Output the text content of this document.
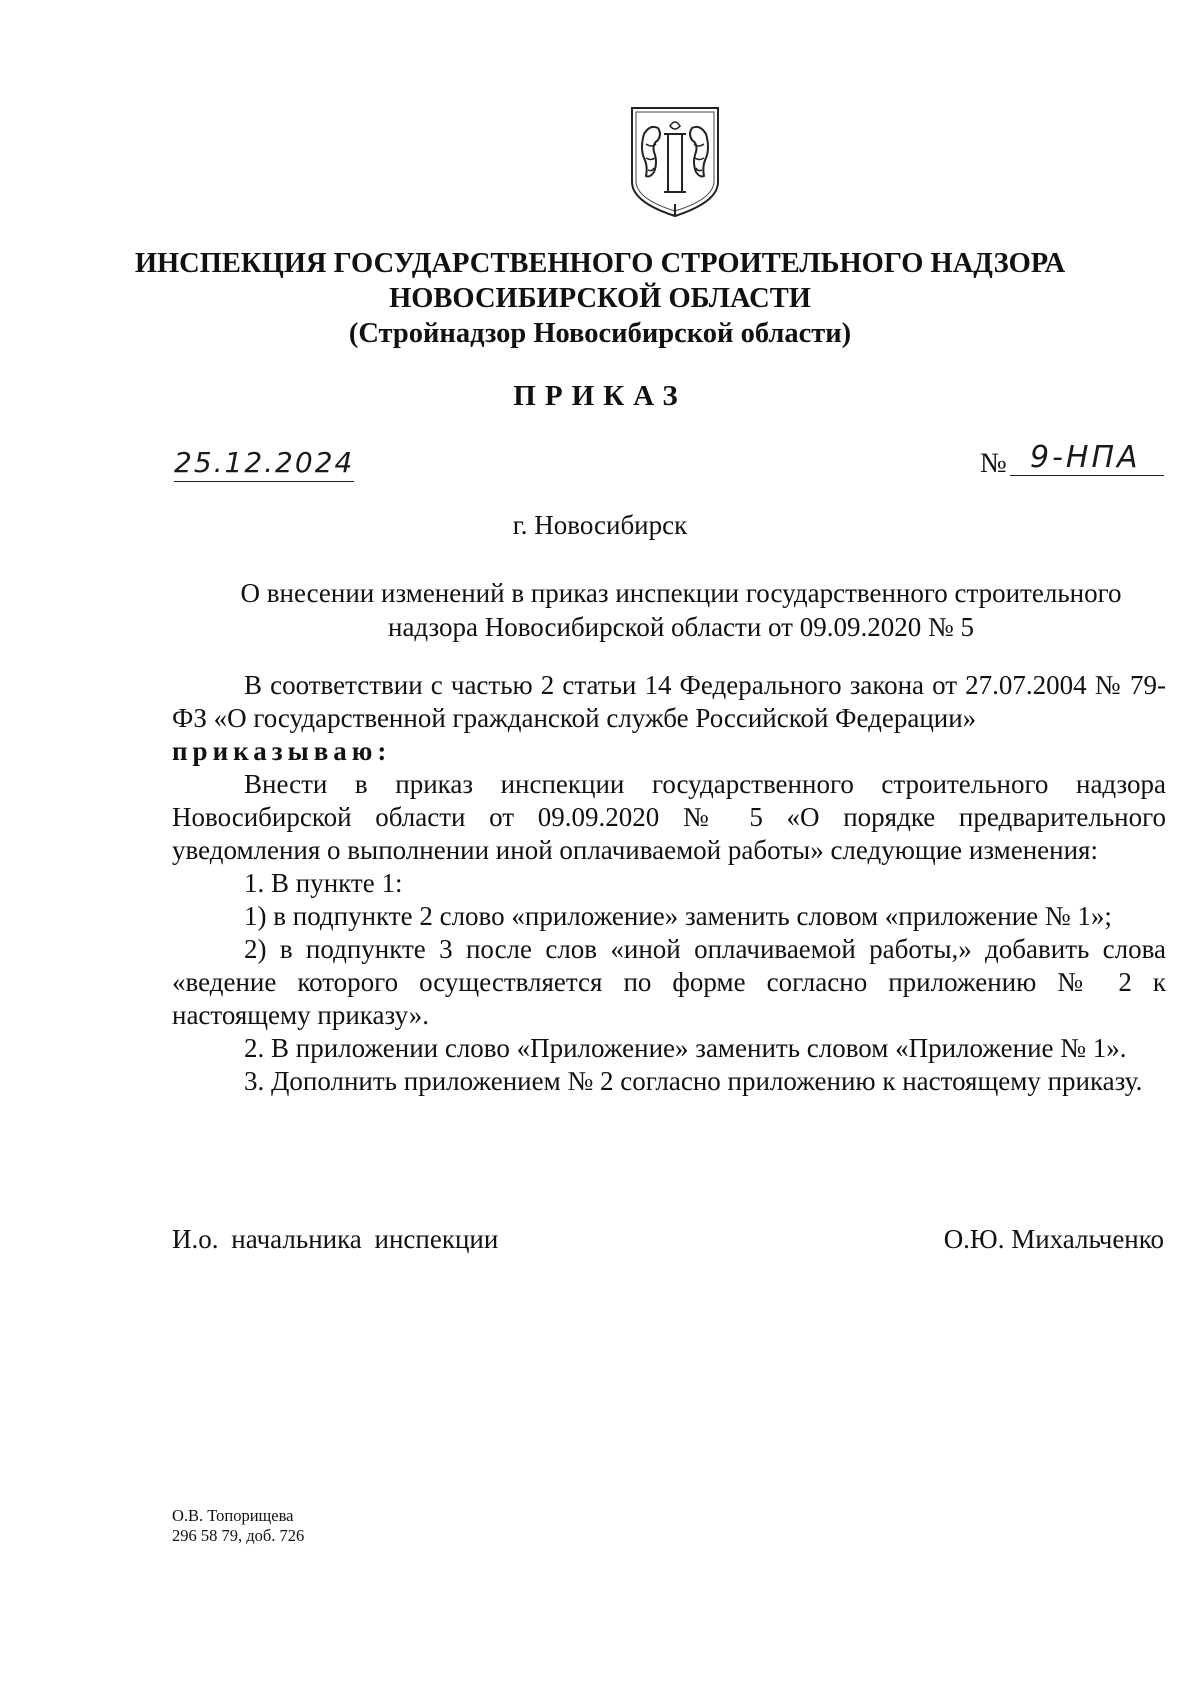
ИНСПЕКЦИЯ ГОСУДАРСТВЕННОГО СТРОИТЕЛЬНОГО НАДЗОРА
НОВОСИБИРСКОЙ ОБЛАСТИ
(Стройнадзор Новосибирской области)
ПРИКАЗ
25.12.2024	№ 9-НПА
г. Новосибирск
О внесении изменений в приказ инспекции государственного строительного
надзора Новосибирской области от 09.09.2020 № 5

В соответствии с частью 2 статьи 14 Федерального закона от 27.07.2004 № 79-ФЗ «О государственной гражданской службе Российской Федерации»

приказываю:

Внести в приказ инспекции государственного строительного надзора Новосибирской области от 09.09.2020 № 5 «О порядке предварительного уведомления о выполнении иной оплачиваемой работы» следующие изменения:

1. В пункте 1:

1) в подпункте 2 слово «приложение» заменить словом «приложение № 1»;

2) в подпункте 3 после слов «иной оплачиваемой работы,» добавить слова «ведение которого осуществляется по форме согласно приложению № 2 к настоящему приказу».

2. В приложении слово «Приложение» заменить словом «Приложение № 1».

3. Дополнить приложением № 2 согласно приложению к настоящему приказу.

И.о. начальника инспекции	О.Ю. Михальченко
О.В. Топорищева
296 58 79, доб. 726
